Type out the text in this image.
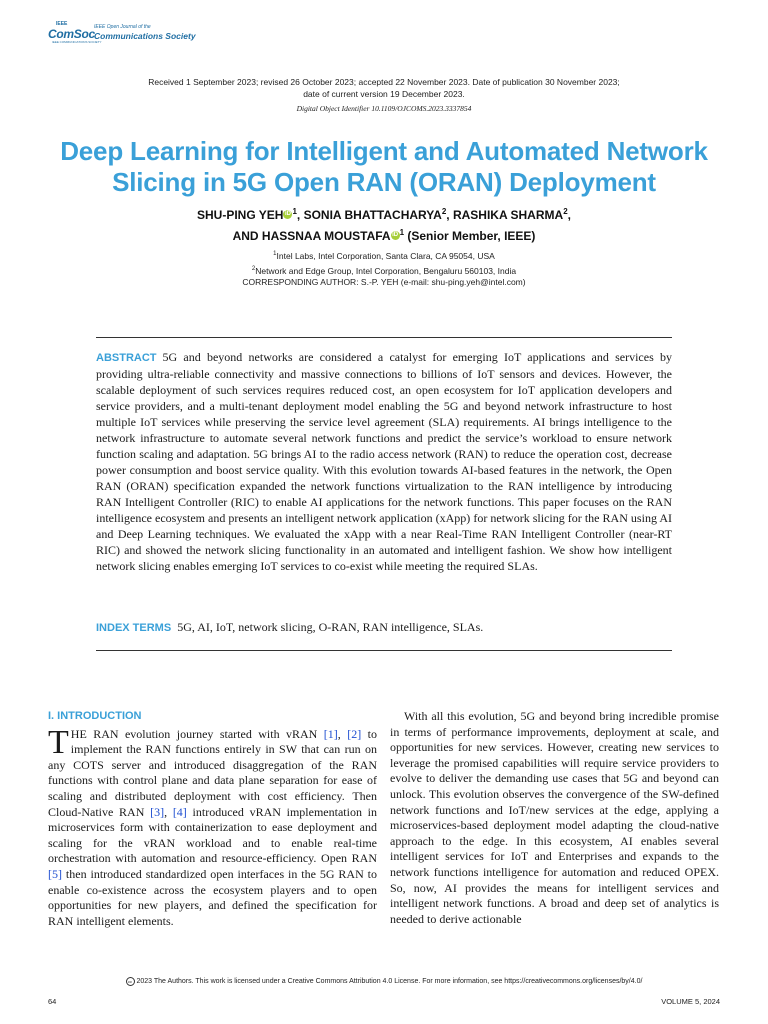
IEEE
ComSoc
IEEE COMMUNICATIONS SOCIETY
IEEE Open Journal of the
Communications Society
Received 1 September 2023; revised 26 October 2023; accepted 22 November 2023. Date of publication 30 November 2023;
date of current version 19 December 2023.
Digital Object Identifier 10.1109/OJCOMS.2023.3337854
Deep Learning for Intelligent and Automated Network
Slicing in 5G Open RAN (ORAN) Deployment
SHU-PING YEH iD $^1$, SONIA BHATTACHARYA$^2$, RASHIKA SHARMA$^2$,
AND HASSNAA MOUSTAFA iD $^1$ (Senior Member, IEEE)
$^1$Intel Labs, Intel Corporation, Santa Clara, CA 95054, USA
$^2$Network and Edge Group, Intel Corporation, Bengaluru 560103, India
CORRESPONDING AUTHOR: S.-P. YEH (e-mail: shu-ping.yeh@intel.com)
ABSTRACT 5G and beyond networks are considered a catalyst for emerging IoT applications and services by providing ultra-reliable connectivity and massive connections to billions of IoT sensors and devices. However, the scalable deployment of such services requires reduced cost, an open ecosystem for IoT application developers and service providers, and a multi-tenant deployment model enabling the 5G and beyond network infrastructure to host multiple IoT services while preserving the service level agreement (SLA) requirements. AI brings intelligence to the network infrastructure to automate several network functions and predict the service’s workload to ensure network function scaling and adaptation. 5G brings AI to the radio access network (RAN) to reduce the operation cost, decrease power consumption and boost service quality. With this evolution towards AI-based features in the network, the Open RAN (ORAN) specification expanded the network functions virtualization to the RAN intelligence by introducing RAN Intelligent Controller (RIC) to enable AI applications for the network functions. This paper focuses on the RAN intelligence ecosystem and presents an intelligent network application (xApp) for network slicing for the RAN using AI and Deep Learning techniques. We evaluated the xApp with a near Real-Time RAN Intelligent Controller (near-RT RIC) and showed the network slicing functionality in an automated and intelligent fashion. We show how intelligent network slicing enables emerging IoT services to co-exist while meeting the required SLAs.
INDEX TERMS 5G, AI, IoT, network slicing, O-RAN, RAN intelligence, SLAs.
I. INTRODUCTION
T HE RAN evolution journey started with vRAN [1], [2] to implement the RAN functions entirely in SW that can run on any COTS server and introduced disaggregation of the RAN functions with control plane and data plane separation for ease of scaling and distributed deployment with cost efficiency. Then Cloud-Native RAN [3], [4] introduced vRAN implementation in microservices form with containerization to ease deployment and scaling for the vRAN workload and to enable real-time orchestration with automation and resource-efficiency. Open RAN [5] then introduced standardized open interfaces in the 5G RAN to enable co-existence across the ecosystem players and to open opportunities for new players, and defined the specification for RAN intelligent elements.
With all this evolution, 5G and beyond bring incredible promise in terms of performance improvements, deployment at scale, and opportunities for new services. However, creating new services to leverage the promised capabilities will require service providers to evolve to deliver the demanding use cases that 5G and beyond can unlock. This evolution observes the convergence of the SW-defined network functions and IoT/new services at the edge, applying a microservices-based deployment model adapting the cloud-native approach to the edge. In this ecosystem, AI enables several intelligent services for IoT and Enterprises and expands to the network functions intelligence for automation and reduced OPEX. So, now, AI provides the means for intelligent services and intelligent network functions. A broad and deep set of analytics is needed to derive actionable
cc 2023 The Authors. This work is licensed under a Creative Commons Attribution 4.0 License. For more information, see https://creativecommons.org/licenses/by/4.0/
64	VOLUME 5, 2024
